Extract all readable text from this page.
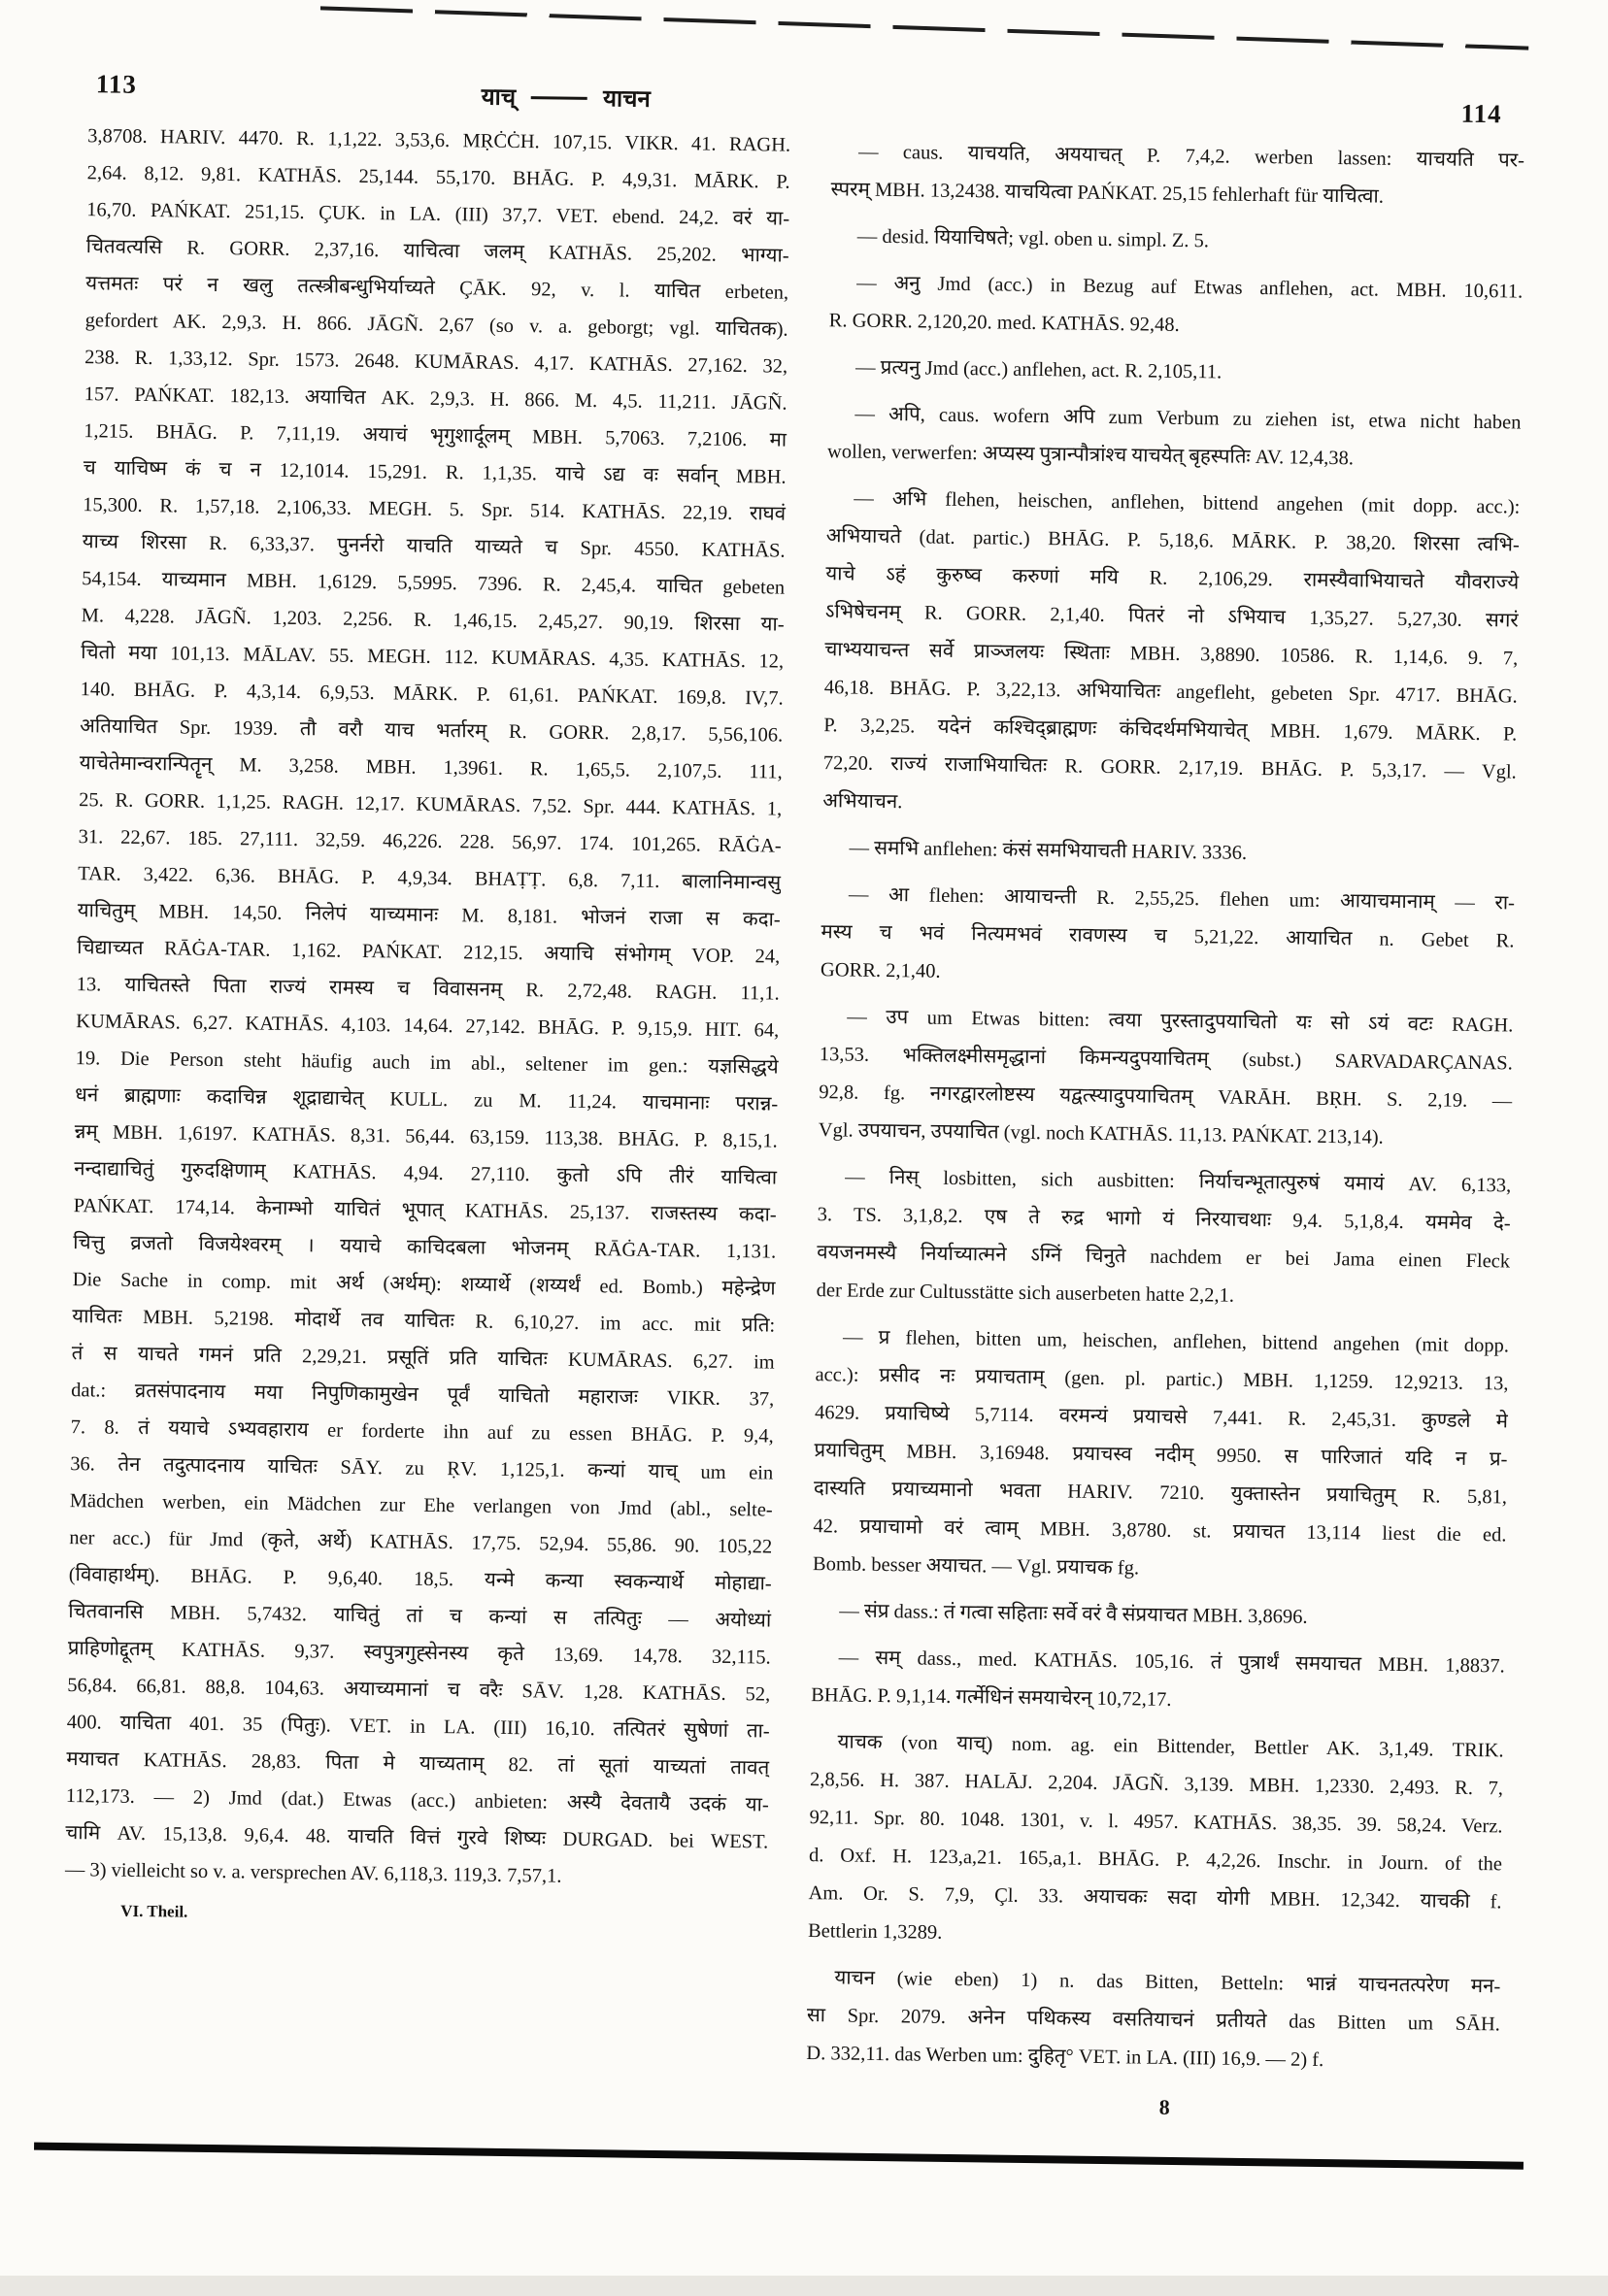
113	याच्	याचन	114
3,8708. HARIV. 4470. R. 1,1,22. 3,53,6. MṚĊĊH. 107,15. VIKR. 41. RAGH.
2,64. 8,12. 9,81. KATHĀS. 25,144. 55,170. BHĀG. P. 4,9,31. MĀRK. P.
16,70. PAŃKAT. 251,15. ÇUK. in LA. (III) 37,7. VET. ebend. 24,2. वरं या-
चितवत्यसि R. GORR. 2,37,16. याचित्वा जलम् KATHĀS. 25,202. भाग्या-
यत्तमतः परं न खलु तत्स्त्रीबन्धुभिर्याच्यते ÇĀK. 92, v. l. याचित erbeten,
gefordert AK. 2,9,3. H. 866. JĀGÑ. 2,67 (so v. a. geborgt; vgl. याचितक).
238. R. 1,33,12. Spr. 1573. 2648. KUMĀRAS. 4,17. KATHĀS. 27,162. 32,
157. PAŃKAT. 182,13. अयाचित AK. 2,9,3. H. 866. M. 4,5. 11,211. JĀGÑ.
1,215. BHĀG. P. 7,11,19. अयाचं भृगुशार्दूलम् MBH. 5,7063. 7,2106. मा
च याचिष्म कं च न 12,1014. 15,291. R. 1,1,35. याचे ऽद्य वः सर्वान् MBH.
15,300. R. 1,57,18. 2,106,33. MEGH. 5. Spr. 514. KATHĀS. 22,19. राघवं
याच्य शिरसा R. 6,33,37. पुनर्नरो याचति याच्यते च Spr. 4550. KATHĀS.
54,154. याच्यमान MBH. 1,6129. 5,5995. 7396. R. 2,45,4. याचित gebeten
M. 4,228. JĀGÑ. 1,203. 2,256. R. 1,46,15. 2,45,27. 90,19. शिरसा या-
चितो मया 101,13. MĀLAV. 55. MEGH. 112. KUMĀRAS. 4,35. KATHĀS. 12,
140. BHĀG. P. 4,3,14. 6,9,53. MĀRK. P. 61,61. PAŃKAT. 169,8. IV,7.
अतियाचित Spr. 1939. तौ वरौ याच भर्तारम् R. GORR. 2,8,17. 5,56,106.
याचेतेमान्वरान्पितॄन् M. 3,258. MBH. 1,3961. R. 1,65,5. 2,107,5. 111,
25. R. GORR. 1,1,25. RAGH. 12,17. KUMĀRAS. 7,52. Spr. 444. KATHĀS. 1,
31. 22,67. 185. 27,111. 32,59. 46,226. 228. 56,97. 174. 101,265. RĀĠA-
TAR. 3,422. 6,36. BHĀG. P. 4,9,34. BHAṬṬ. 6,8. 7,11. बालानिमान्वसु
याचितुम् MBH. 14,50. निलेपं याच्यमानः M. 8,181. भोजनं राजा स कदा-
चिद्याच्यत RĀĠA-TAR. 1,162. PAŃKAT. 212,15. अयाचि संभोगम् VOP. 24,
13. याचितस्ते पिता राज्यं रामस्य च विवासनम् R. 2,72,48. RAGH. 11,1.
KUMĀRAS. 6,27. KATHĀS. 4,103. 14,64. 27,142. BHĀG. P. 9,15,9. HIT. 64,
19. Die Person steht häufig auch im abl., seltener im gen.: यज्ञसिद्धये
धनं ब्राह्मणाः कदाचिन्न शूद्राद्याचेत् KULL. zu M. 11,24. याचमानाः परान्न-
न्नम् MBH. 1,6197. KATHĀS. 8,31. 56,44. 63,159. 113,38. BHĀG. P. 8,15,1.
नन्दाद्याचितुं गुरुदक्षिणाम् KATHĀS. 4,94. 27,110. कुतो ऽपि तीरं याचित्वा
PAŃKAT. 174,14. केनाम्भो याचितं भूपात् KATHĀS. 25,137. राजस्तस्य कदा-
चित्तु व्रजतो विजयेश्वरम् । ययाचे काचिदबला भोजनम् RĀĠA-TAR. 1,131.
Die Sache in comp. mit अर्थ (अर्थम्): शय्यार्थे (शय्यर्थं ed. Bomb.) महेन्द्रेण
याचितः MBH. 5,2198. मोदार्थे तव याचितः R. 6,10,27. im acc. mit प्रति:
तं स याचते गमनं प्रति 2,29,21. प्रसूतिं प्रति याचितः KUMĀRAS. 6,27. im
dat.: व्रतसंपादनाय मया निपुणिकामुखेन पूर्वं याचितो महाराजः VIKR. 37,
7. 8. तं ययाचे ऽभ्यवहाराय er forderte ihn auf zu essen BHĀG. P. 9,4,
36. तेन तदुत्पादनाय याचितः SĀY. zu ṚV. 1,125,1. कन्यां याच् um ein
Mädchen werben, ein Mädchen zur Ehe verlangen von Jmd (abl., selte-
ner acc.) für Jmd (कृते, अर्थे) KATHĀS. 17,75. 52,94. 55,86. 90. 105,22
(विवाहार्थम्). BHĀG. P. 9,6,40. 18,5. यन्मे कन्या स्वकन्यार्थे मोहाद्या-
चितवानसि MBH. 5,7432. याचितुं तां च कन्यां स तत्पितुः — अयोध्यां
प्राहिणोद्दूतम् KATHĀS. 9,37. स्वपुत्रगुह्सेनस्य कृते 13,69. 14,78. 32,115.
56,84. 66,81. 88,8. 104,63. अयाच्यमानां च वरैः SĀV. 1,28. KATHĀS. 52,
400. याचिता 401. 35 (पितुः). VET. in LA. (III) 16,10. तत्पितरं सुषेणां ता-
मयाचत KATHĀS. 28,83. पिता मे याच्यताम् 82. तां सूतां याच्यतां तावत्
112,173. — 2) Jmd (dat.) Etwas (acc.) anbieten: अस्यै देवतायै उदकं या-
चामि AV. 15,13,8. 9,6,4. 48. याचति वित्तं गुरवे शिष्यः DURGAD. bei WEST.
— 3) vielleicht so v. a. versprechen AV. 6,118,3. 119,3. 7,57,1.
VI. Theil.
— caus. याचयति, अययाचत् P. 7,4,2. werben lassen: याचयति पर-
स्परम् MBH. 13,2438. याचयित्वा PAŃKAT. 25,15 fehlerhaft für याचित्वा.
— desid. यियाचिषते; vgl. oben u. simpl. Z. 5.
— अनु Jmd (acc.) in Bezug auf Etwas anflehen, act. MBH. 10,611.
R. GORR. 2,120,20. med. KATHĀS. 92,48.
— प्रत्यनु Jmd (acc.) anflehen, act. R. 2,105,11.
— अपि, caus. wofern अपि zum Verbum zu ziehen ist, etwa nicht haben
wollen, verwerfen: अप्यस्य पुत्रान्पौत्रांश्च याचयेत् बृहस्पतिः AV. 12,4,38.
— अभि flehen, heischen, anflehen, bittend angehen (mit dopp. acc.):
अभियाचते (dat. partic.) BHĀG. P. 5,18,6. MĀRK. P. 38,20. शिरसा त्वभि-
याचे ऽहं कुरुष्व करुणां मयि R. 2,106,29. रामस्यैवाभियाचते यौवराज्ये
ऽभिषेचनम् R. GORR. 2,1,40. पितरं नो ऽभियाच 1,35,27. 5,27,30. सगरं
चाभ्ययाचन्त सर्वे प्राञ्जलयः स्थिताः MBH. 3,8890. 10586. R. 1,14,6. 9. 7,
46,18. BHĀG. P. 3,22,13. अभियाचितः angefleht, gebeten Spr. 4717. BHĀG.
P. 3,2,25. यदेनं कश्चिद्ब्राह्मणः कंचिदर्थमभियाचेत् MBH. 1,679. MĀRK. P.
72,20. राज्यं राजाभियाचितः R. GORR. 2,17,19. BHĀG. P. 5,3,17. — Vgl.
अभियाचन.
— समभि anflehen: कंसं समभियाचती HARIV. 3336.
— आ flehen: आयाचन्ती R. 2,55,25. flehen um: आयाचमानाम् — रा-
मस्य च भवं नित्यमभवं रावणस्य च 5,21,22. आयाचित n. Gebet R.
GORR. 2,1,40.
— उप um Etwas bitten: त्वया पुरस्तादुपयाचितो यः सो ऽयं वटः RAGH.
13,53. भक्तिलक्ष्मीसमृद्धानां किमन्यदुपयाचितम् (subst.) SARVADARÇANAS.
92,8. fg. नगरद्वारलोष्टस्य यद्वत्स्यादुपयाचितम् VARĀH. BṚH. S. 2,19. —
Vgl. उपयाचन, उपयाचित (vgl. noch KATHĀS. 11,13. PAŃKAT. 213,14).
— निस् losbitten, sich ausbitten: निर्याचन्भूतात्पुरुषं यमायं AV. 6,133,
3. TS. 3,1,8,2. एष ते रुद्र भागो यं निरयाचथाः 9,4. 5,1,8,4. यममेव दे-
वयजनमस्यै निर्याच्यात्मने ऽग्निं चिनुते nachdem er bei Jama einen Fleck
der Erde zur Cultusstätte sich auserbeten hatte 2,2,1.
— प्र flehen, bitten um, heischen, anflehen, bittend angehen (mit dopp.
acc.): प्रसीद नः प्रयाचताम् (gen. pl. partic.) MBH. 1,1259. 12,9213. 13,
4629. प्रयाचिष्ये 5,7114. वरमन्यं प्रयाचसे 7,441. R. 2,45,31. कुण्डले मे
प्रयाचितुम् MBH. 3,16948. प्रयाचस्व नदीम् 9950. स पारिजातं यदि न प्र-
दास्यति प्रयाच्यमानो भवता HARIV. 7210. युक्तास्तेन प्रयाचितुम् R. 5,81,
42. प्रयाचामो वरं त्वाम् MBH. 3,8780. st. प्रयाचत 13,114 liest die ed.
Bomb. besser अयाचत. — Vgl. प्रयाचक fg.
— संप्र dass.: तं गत्वा सहिताः सर्वे वरं वै संप्रयाचत MBH. 3,8696.
— सम् dass., med. KATHĀS. 105,16. तं पुत्रार्थं समयाचत MBH. 1,8837.
BHĀG. P. 9,1,14. गर्त्मेधिनं समयाचेरन् 10,72,17.
याचक (von याच्) nom. ag. ein Bittender, Bettler AK. 3,1,49. TRIK.
2,8,56. H. 387. HALĀJ. 2,204. JĀGÑ. 3,139. MBH. 1,2330. 2,493. R. 7,
92,11. Spr. 80. 1048. 1301, v. l. 4957. KATHĀS. 38,35. 39. 58,24. Verz.
d. Oxf. H. 123,a,21. 165,a,1. BHĀG. P. 4,2,26. Inschr. in Journ. of the
Am. Or. S. 7,9, Çl. 33. अयाचकः सदा योगी MBH. 12,342. याचकी f.
Bettlerin 1,3289.
याचन (wie eben) 1) n. das Bitten, Betteln: भान्नं याचनतत्परेण मन-
सा Spr. 2079. अनेन पथिकस्य वसतियाचनं प्रतीयते das Bitten um SĀH.
D. 332,11. das Werben um: दुहितृ° VET. in LA. (III) 16,9. — 2) f.
8
